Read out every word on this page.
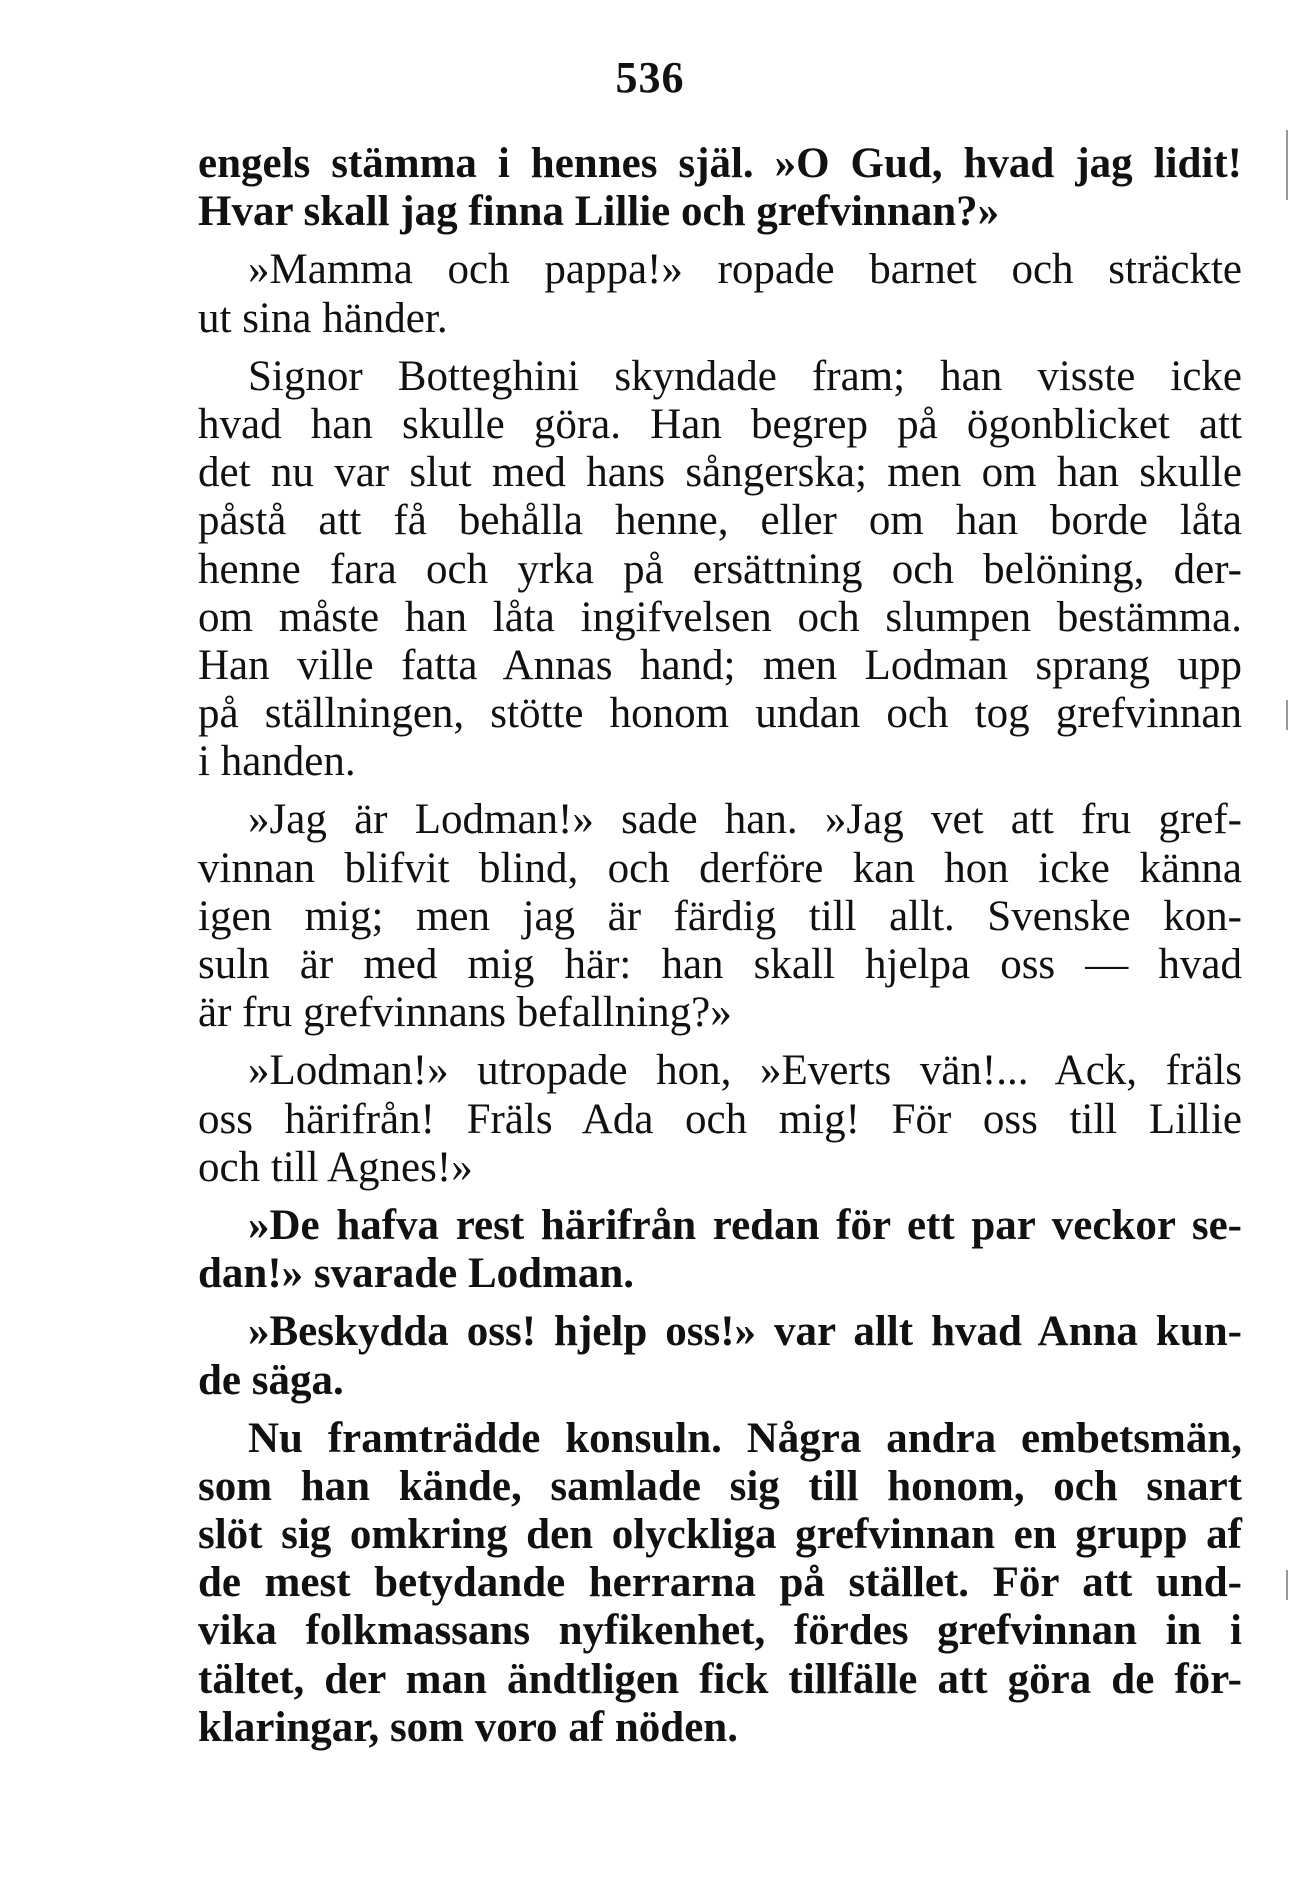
536
engels stämma i hennes själ. »O Gud, hvad jag lidit!
Hvar skall jag finna Lillie och grefvinnan?»
»Mamma och pappa!» ropade barnet och sträckte
ut sina händer.
Signor Botteghini skyndade fram; han visste icke
hvad han skulle göra. Han begrep på ögonblicket att
det nu var slut med hans sångerska; men om han skulle
påstå att få behålla henne, eller om han borde låta
henne fara och yrka på ersättning och belöning, der-
om måste han låta ingifvelsen och slumpen bestämma.
Han ville fatta Annas hand; men Lodman sprang upp
på ställningen, stötte honom undan och tog grefvinnan
i handen.
»Jag är Lodman!» sade han. »Jag vet att fru gref-
vinnan blifvit blind, och derföre kan hon icke känna
igen mig; men jag är färdig till allt. Svenske kon-
suln är med mig här: han skall hjelpa oss — hvad
är fru grefvinnans befallning?»
»Lodman!» utropade hon, »Everts vän!... Ack, fräls
oss härifrån! Fräls Ada och mig! För oss till Lillie
och till Agnes!»
»De hafva rest härifrån redan för ett par veckor se-
dan!» svarade Lodman.
»Beskydda oss! hjelp oss!» var allt hvad Anna kun-
de säga.
Nu framträdde konsuln. Några andra embetsmän,
som han kände, samlade sig till honom, och snart
slöt sig omkring den olyckliga grefvinnan en grupp af
de mest betydande herrarna på stället. För att und-
vika folkmassans nyfikenhet, fördes grefvinnan in i
tältet, der man ändtligen fick tillfälle att göra de för-
klaringar, som voro af nöden.
